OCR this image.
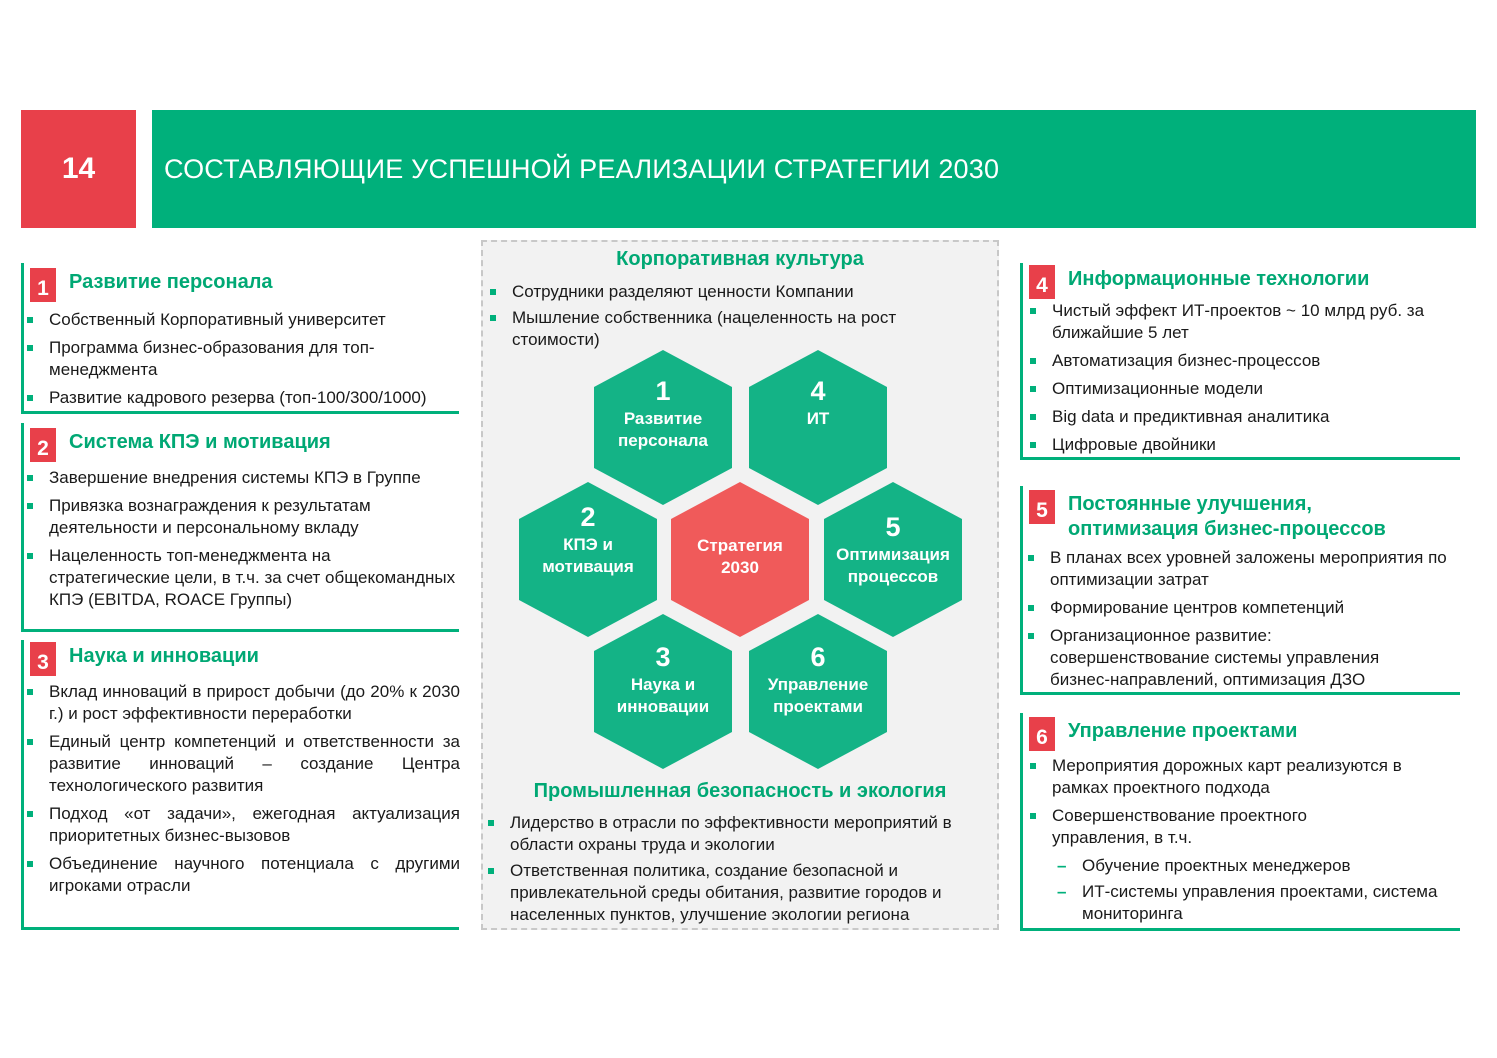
14	СОСТАВЛЯЮЩИЕ УСПЕШНОЙ РЕАЛИЗАЦИИ СТРАТЕГИИ 2030
1	Развитие персонала
Собственный Корпоративный университет
Программа бизнес-образования для топ-менеджмента
Развитие кадрового резерва (топ-100/300/1000)
2	Система КПЭ и мотивация
Завершение внедрения системы КПЭ в Группе
Привязка вознаграждения к результатам деятельности и персональному вкладу
Нацеленность топ-менеджмента на стратегические цели, в т.ч. за счет общекомандных КПЭ (EBITDA, ROACE Группы)
3	Наука и инновации
Вклад инноваций в прирост добычи (до 20% к 2030 г.) и рост эффективности переработки
Единый центр компетенций и ответственности за развитие инноваций – создание Центра технологического развития
Подход «от задачи», ежегодная актуализация приоритетных бизнес-вызовов
Объединение научного потенциала с другими игроками отрасли
Корпоративная культура
Сотрудники разделяют ценности Компании
Мышление собственника (нацеленность на рост стоимости)
1
Развитие персонала
4
ИТ
2
КПЭ и мотивация
Стратегия 2030
5
Оптимизация процессов
3
Наука и инновации
6
Управление проектами
Промышленная безопасность и экология
Лидерство в отрасли по эффективности мероприятий в области охраны труда и экологии
Ответственная политика, создание безопасной и привлекательной среды обитания, развитие городов и населенных пунктов, улучшение экологии региона
4	Информационные технологии
Чистый эффект ИТ-проектов ~ 10 млрд руб. за ближайшие 5 лет
Автоматизация бизнес-процессов
Оптимизационные модели
Big data и предиктивная аналитика
Цифровые двойники
5	Постоянные улучшения, оптимизация бизнес-процессов
В планах всех уровней заложены мероприятия по оптимизации затрат
Формирование центров компетенций
Организационное развитие: совершенствование системы управления бизнес-направлений, оптимизация ДЗО
6	Управление проектами
Мероприятия дорожных карт реализуются в рамках проектного подхода
Совершенствование проектного управления, в т.ч.
– Обучение проектных менеджеров
– ИТ-системы управления проектами, система мониторинга
